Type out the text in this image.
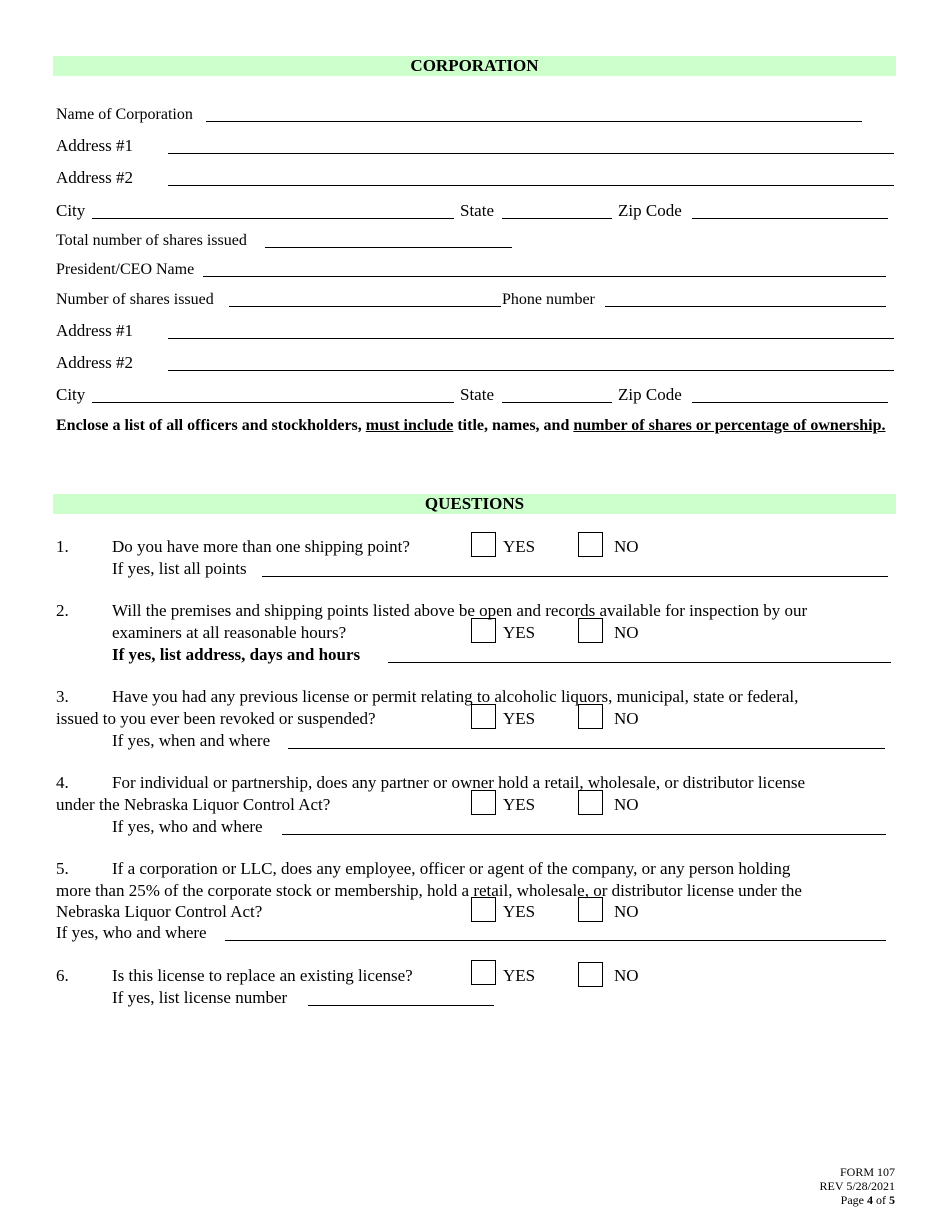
CORPORATION
Name of Corporation
Address #1
Address #2
City	State	Zip Code
Total number of shares issued
President/CEO Name
Number of shares issued	Phone number
Address #1
Address #2
City	State	Zip Code
Enclose a list of all officers and stockholders, must include title, names, and number of shares or percentage of ownership.
QUESTIONS
1.	Do you have more than one shipping point?	YES	NO
If yes, list all points
2.	Will the premises and shipping points listed above be open and records available for inspection by our
examiners at all reasonable hours?	YES	NO
If yes, list address, days and hours
3.	Have you had any previous license or permit relating to alcoholic liquors, municipal, state or federal,
issued to you ever been revoked or suspended?	YES	NO
If yes, when and where
4.	For individual or partnership, does any partner or owner hold a retail, wholesale, or distributor license
under the Nebraska Liquor Control Act?	YES	NO
If yes, who and where
5.	If a corporation or LLC, does any employee, officer or agent of the company, or any person holding
more than 25% of the corporate stock or membership, hold a retail, wholesale, or distributor license under the
Nebraska Liquor Control Act?	YES	NO
If yes, who and where
6.	Is this license to replace an existing license?	YES	NO
If yes, list license number
FORM 107
REV 5/28/2021
Page 4 of 5
